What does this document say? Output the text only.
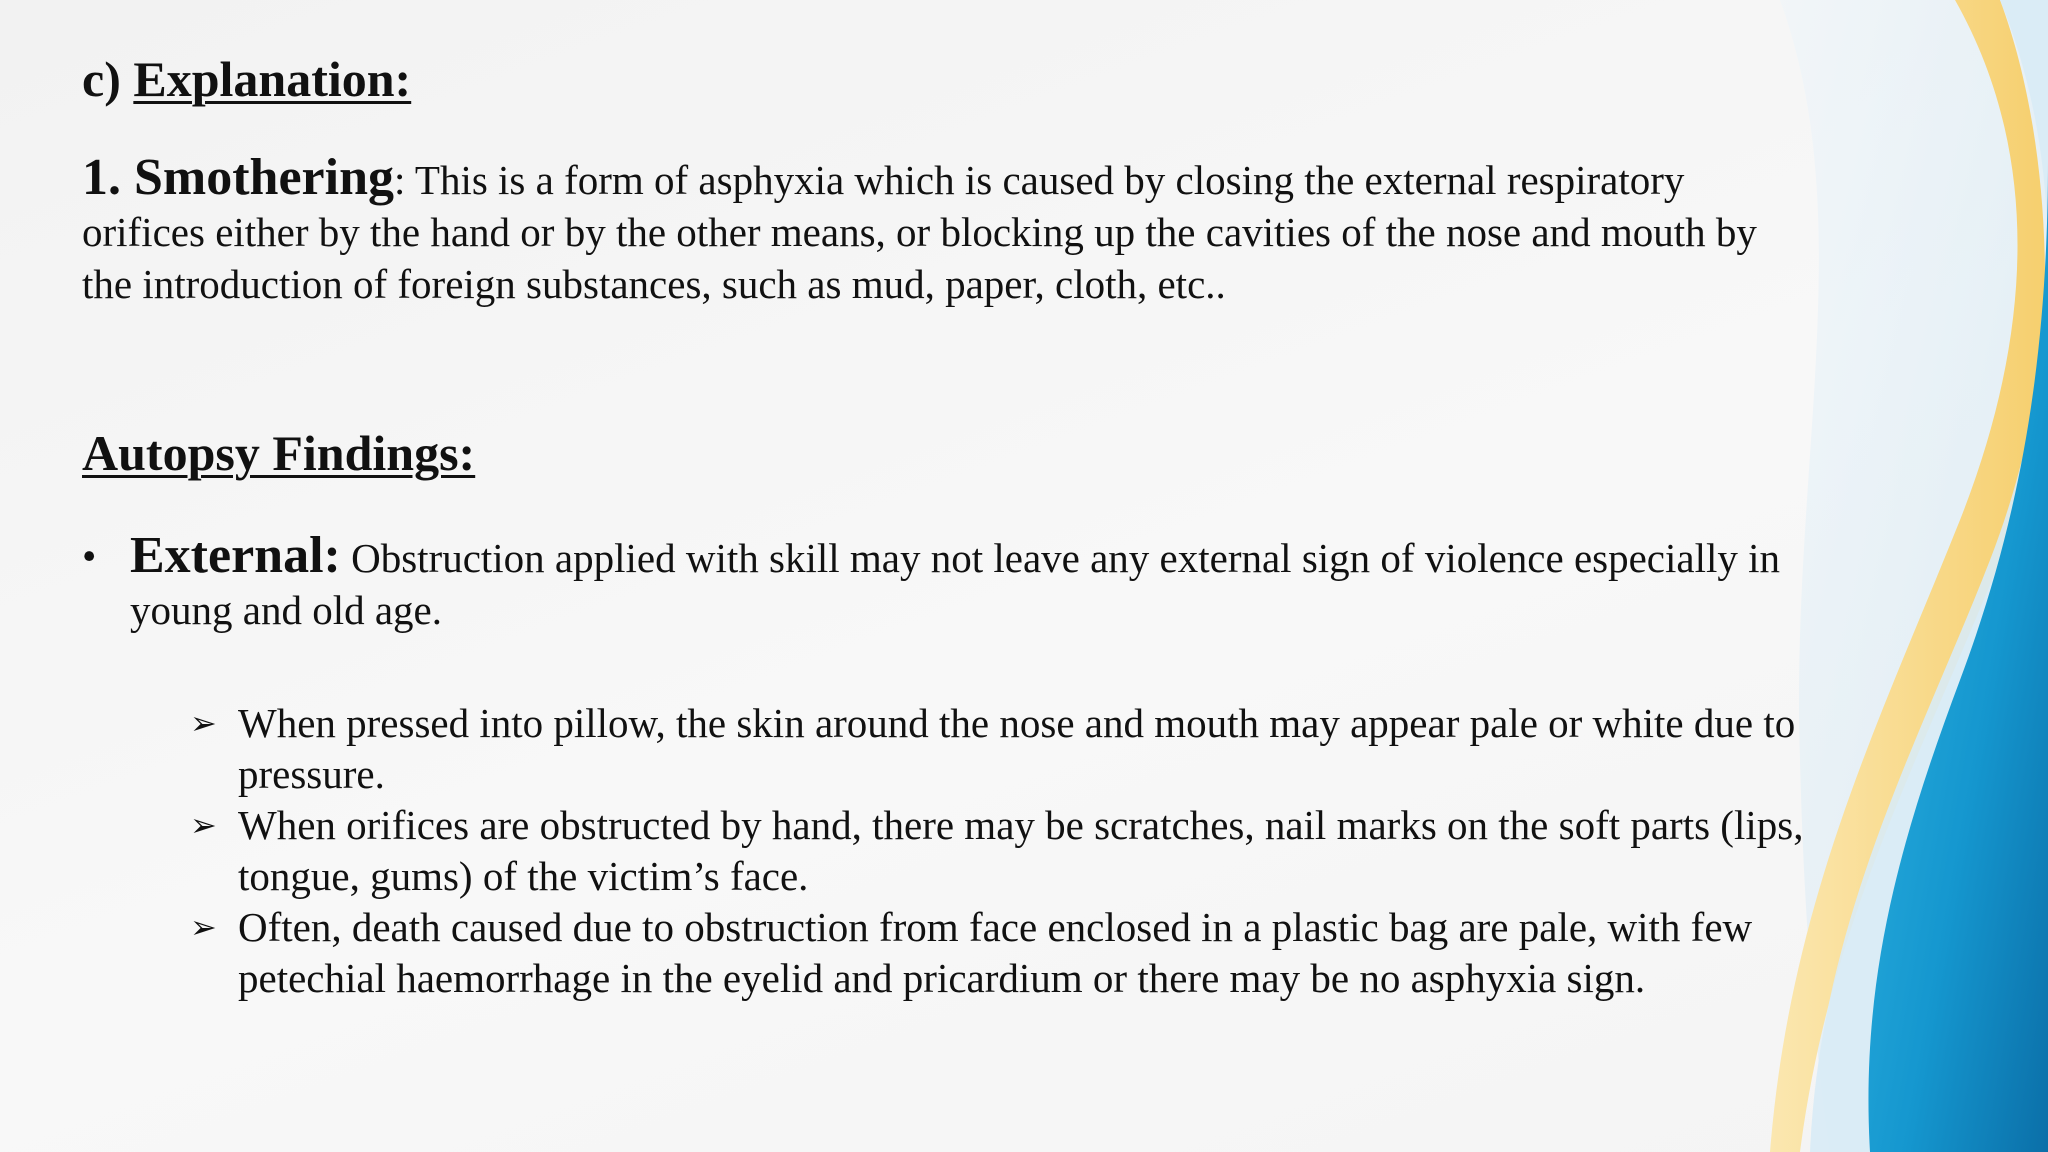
c) Explanation:

1. Smothering: This is a form of asphyxia which is caused by closing the external respiratory orifices either by the hand or by the other means, or blocking up the cavities of the nose and mouth by the introduction of foreign substances, such as mud, paper, cloth, etc..

Autopsy Findings:
• External: Obstruction applied with skill may not leave any external sign of violence especially in young and old age.
➢ When pressed into pillow, the skin around the nose and mouth may appear pale or white due to pressure.
➢ When orifices are obstructed by hand, there may be scratches, nail marks on the soft parts (lips, tongue, gums) of the victim’s face.
➢ Often, death caused due to obstruction from face enclosed in a plastic bag are pale, with few petechial haemorrhage in the eyelid and pricardium or there may be no asphyxia sign.
